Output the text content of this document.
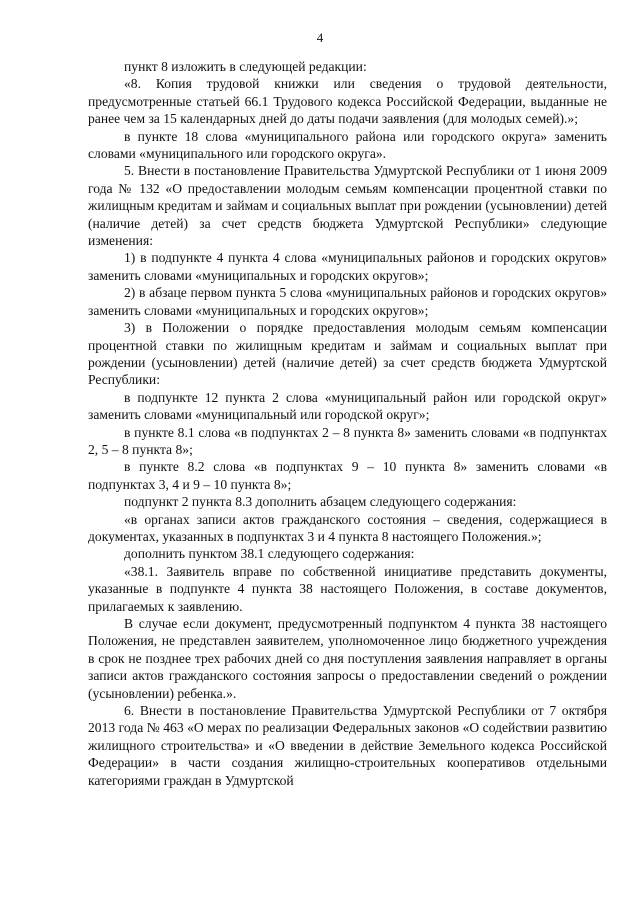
4

пункт 8 изложить в следующей редакции:

«8. Копия трудовой книжки или сведения о трудовой деятельности, предусмотренные статьей 66.1 Трудового кодекса Российской Федерации, выданные не ранее чем за 15 календарных дней до даты подачи заявления (для молодых семей).»;

в пункте 18 слова «муниципального района или городского округа» заменить словами «муниципального или городского округа».

5. Внести в постановление Правительства Удмуртской Республики от 1 июня 2009 года № 132 «О предоставлении молодым семьям компенсации процентной ставки по жилищным кредитам и займам и социальных выплат при рождении (усыновлении) детей (наличие детей) за счет средств бюджета Удмуртской Республики» следующие изменения:

1) в подпункте 4 пункта 4 слова «муниципальных районов и городских округов» заменить словами «муниципальных и городских округов»;

2) в абзаце первом пункта 5 слова «муниципальных районов и городских округов» заменить словами «муниципальных и городских округов»;

3) в Положении о порядке предоставления молодым семьям компенсации процентной ставки по жилищным кредитам и займам и социальных выплат при рождении (усыновлении) детей (наличие детей) за счет средств бюджета Удмуртской Республики:

в подпункте 12 пункта 2 слова «муниципальный район или городской округ» заменить словами «муниципальный или городской округ»;

в пункте 8.1 слова «в подпунктах 2 – 8 пункта 8» заменить словами «в подпунктах 2, 5 – 8 пункта 8»;

в пункте 8.2 слова «в подпунктах 9 – 10 пункта 8» заменить словами «в подпунктах 3, 4 и 9 – 10 пункта 8»;

подпункт 2 пункта 8.3 дополнить абзацем следующего содержания:

«в органах записи актов гражданского состояния – сведения, содержащиеся в документах, указанных в подпунктах 3 и 4 пункта 8 настоящего Положения.»;

дополнить пунктом 38.1 следующего содержания:

«38.1. Заявитель вправе по собственной инициативе представить документы, указанные в подпункте 4 пункта 38 настоящего Положения, в составе документов, прилагаемых к заявлению.

В случае если документ, предусмотренный подпунктом 4 пункта 38 настоящего Положения, не представлен заявителем, уполномоченное лицо бюджетного учреждения в срок не позднее трех рабочих дней со дня поступления заявления направляет в органы записи актов гражданского состояния запросы о предоставлении сведений о рождении (усыновлении) ребенка.».

6. Внести в постановление Правительства Удмуртской Республики от 7 октября 2013 года № 463 «О мерах по реализации Федеральных законов «О содействии развитию жилищного строительства» и «О введении в действие Земельного кодекса Российской Федерации» в части создания жилищно-строительных кооперативов отдельными категориями граждан в Удмуртской
